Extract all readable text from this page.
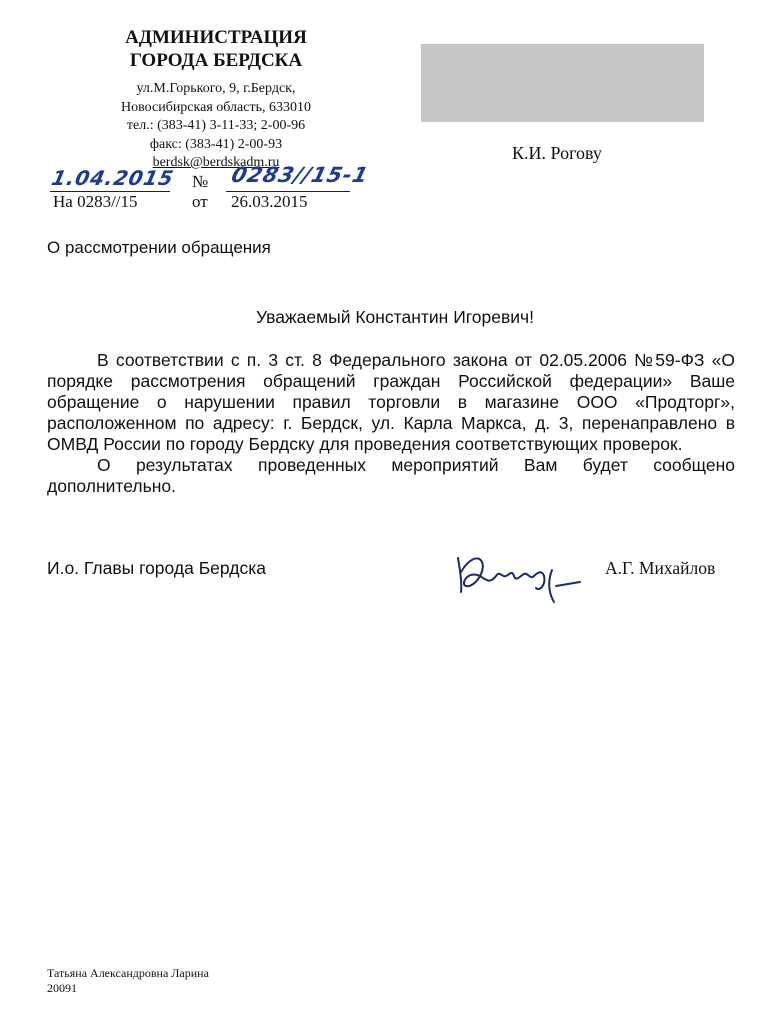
АДМИНИСТРАЦИЯ
ГОРОДА БЕРДСКА
ул.М.Горького, 9, г.Бердск,
Новосибирская область, 633010
тел.: (383-41) 3-11-33; 2-00-96
факс: (383-41) 2-00-93
berdsk@berdskadm.ru	К.И. Рогову
1.04.2015 № 0283//15-1
На 0283//15	от 26.03.2015
О рассмотрении обращения
Уважаемый Константин Игоревич!

В соответствии с п. 3 ст. 8 Федерального закона от 02.05.2006 №59-ФЗ «О порядке рассмотрения обращений граждан Российской федерации» Ваше обращение о нарушении правил торговли в магазине ООО «Продторг», расположенном по адресу: г. Бердск, ул. Карла Маркса, д. 3, перенаправлено в ОМВД России по городу Бердску для проведения соответствующих проверок.

О результатах проведенных мероприятий Вам будет сообщено дополнительно.

И.о. Главы города Бердска	А.Г. Михайлов
Татьяна Александровна Ларина
20091
